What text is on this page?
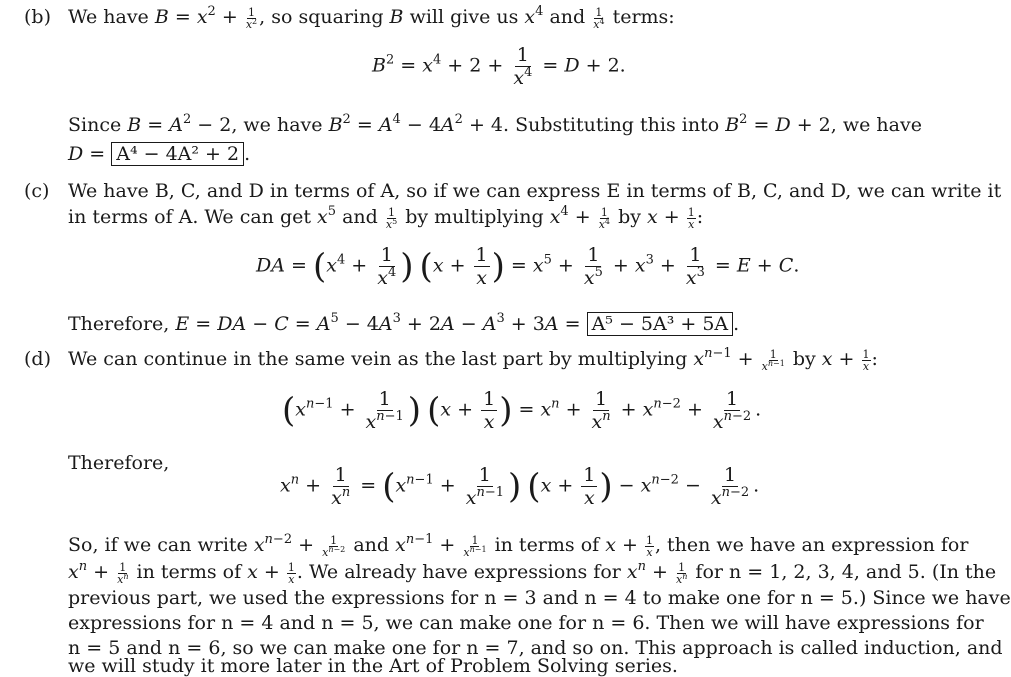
(b) We have $B = x^2 + \frac{1}{x^2}$ , so squaring B will give us $x^4$ and $\frac{1}{x^4}$ terms:
$B^2 = x^4 + 2 + \frac{1}{x^4} = D + 2$.
Since $B = A^2 - 2$, we have $B^2 = A^4 - 4A^2 + 4$. Substituting this into $B^2 = D + 2$, we have
D = A⁴ − 4A² + 2 .
(c) We have B, C, and D in terms of A, so if we can express E in terms of B, C, and D, we can write it
in terms of A. We can get $x^5$ and $\frac{1}{x^5}$ by multiplying $x^4 + \frac{1}{x^4}$ by $x + \frac{1}{x}$ :
DA = ($x^4 + \frac{1}{x^4}$ ) ($x + \frac{1}{x}$ ) = $x^5 + \frac{1}{x^5} + x^3 + \frac{1}{x^3} = E + C$.
Therefore, E = DA − $C = A^5 - 4A^3 + 2A - A^3 + 3A = A^5 - 5A^3 + 5A$ .
(d) We can continue in the same vein as the last part by multiplying $x^{n-1} + \frac{1}{x^{n-1}}$ by $x + \frac{1}{x}$ :
($x^{n-1} + \frac{1}{x^{n-1}}$ ) ($x + \frac{1}{x}$ ) = $x^n + \frac{1}{x^n} + x^{n-2} + \frac{1}{x^{n-2}}$ .
Therefore,
$x^n + \frac{1}{x^n} = (x^{n-1} + \frac{1}{x^{n-1}}$ ) ($x + \frac{1}{x}$ ) − $x^{n-2} - \frac{1}{x^{n-2}}$ .
So, if we can write $x^{n-2} + \frac{1}{x^{n-2}}$ and $x^{n-1} + \frac{1}{x^{n-1}}$ in terms of $x + \frac{1}{x}$ , then we have an expression for
$x^n + \frac{1}{x^n}$ in terms of $x + \frac{1}{x}$ . We already have expressions for $x^n + \frac{1}{x^n}$ for n = 1, 2, 3, 4, and 5. (In the
previous part, we used the expressions for n = 3 and n = 4 to make one for n = 5.) Since we have
expressions for n = 4 and n = 5, we can make one for n = 6. Then we will have expressions for
n = 5 and n = 6, so we can make one for n = 7, and so on. This approach is called induction, and
we will study it more later in the Art of Problem Solving series.
